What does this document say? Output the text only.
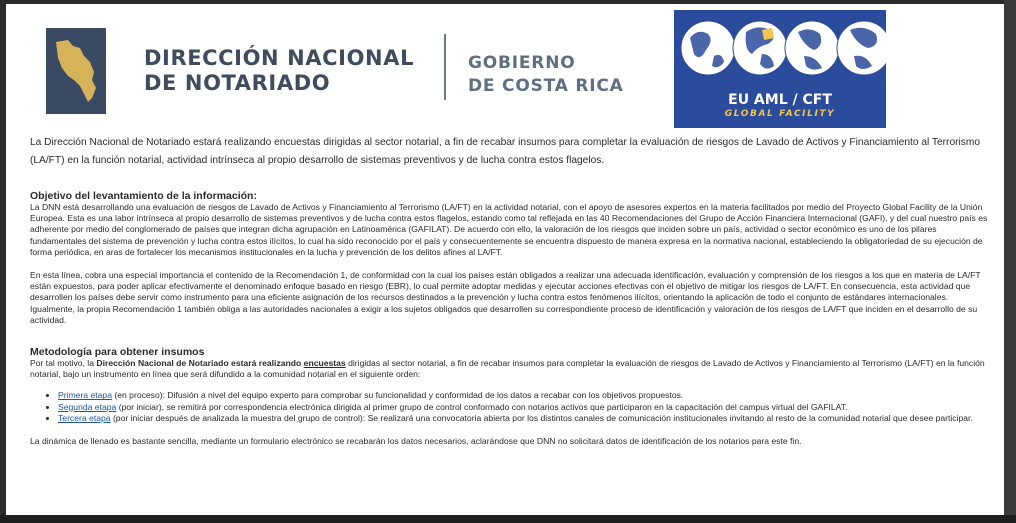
DIRECCIÓN NACIONAL
DE NOTARIADO
GOBIERNO
DE COSTA RICA
EU AML / CFT
GLOBAL FACILITY

La Dirección Nacional de Notariado estará realizando encuestas dirigidas al sector notarial, a fin de recabar insumos para completar la evaluación de riesgos de Lavado de Activos y Financiamiento al Terrorismo (LA/FT) en la función notarial, actividad intrínseca al propio desarrollo de sistemas preventivos y de lucha contra estos flagelos.

Objetivo del levantamiento de la información:

La DNN está desarrollando una evaluación de riesgos de Lavado de Activos y Financiamiento al Terrorismo (LA/FT) en la actividad notarial, con el apoyo de asesores expertos en la materia facilitados por medio del Proyecto Global Facility de la Unión Europea. Esta es una labor intrínseca al propio desarrollo de sistemas preventivos y de lucha contra estos flagelos, estando como tal reflejada en las 40 Recomendaciones del Grupo de Acción Financiera Internacional (GAFI), y del cual nuestro país es adherente por medio del conglomerado de países que integran dicha agrupación en Latinoamérica (GAFILAT). De acuerdo con ello, la valoración de los riesgos que inciden sobre un país, actividad o sector económico es uno de los pilares fundamentales del sistema de prevención y lucha contra estos ilícitos, lo cual ha sido reconocido por el país y consecuentemente se encuentra dispuesto de manera expresa en la normativa nacional, estableciendo la obligatoriedad de su ejecución de forma periódica, en aras de fortalecer los mecanismos institucionales en la lucha y prevención de los delitos afines al LA/FT.

En esta línea, cobra una especial importancia el contenido de la Recomendación 1, de conformidad con la cual los países están obligados a realizar una adecuada identificación, evaluación y comprensión de los riesgos a los que en materia de LA/FT están expuestos, para poder aplicar efectivamente el denominado enfoque basado en riesgo (EBR), lo cual permite adoptar medidas y ejecutar acciones efectivas con el objetivo de mitigar los riesgos de LA/FT. En consecuencia, esta actividad que desarrollen los países debe servir como instrumento para una eficiente asignación de los recursos destinados a la prevención y lucha contra estos fenómenos ilícitos, orientando la aplicación de todo el conjunto de estándares internacionales. Igualmente, la propia Recomendación 1 también obliga a las autoridades nacionales a exigir a los sujetos obligados que desarrollen su correspondiente proceso de identificación y valoración de los riesgos de LA/FT que inciden en el desarrollo de su actividad.

Metodología para obtener insumos

Por tal motivo, la Dirección Nacional de Notariado estará realizando encuestas dirigidas al sector notarial, a fin de recabar insumos para completar la evaluación de riesgos de Lavado de Activos y Financiamiento al Terrorismo (LA/FT) en la función notarial, bajo un instrumento en línea que será difundido a la comunidad notarial en el siguiente orden:

• Primera etapa (en proceso): Difusión a nivel del equipo experto para comprobar su funcionalidad y conformidad de los datos a recabar con los objetivos propuestos.
• Segunda etapa (por iniciar), se remitirá por correspondencia electrónica dirigida al primer grupo de control conformado con notarios activos que participaron en la capacitación del campus virtual del GAFILAT.
• Tercera etapa (por iniciar después de analizada la muestra del grupo de control): Se realizará una convocatoria abierta por los distintos canales de comunicación institucionales invitando al resto de la comunidad notarial que desee participar.

La dinámica de llenado es bastante sencilla, mediante un formulario electrónico se recabarán los datos necesarios, aclarándose que DNN no solicitará datos de identificación de los notarios para este fin.
